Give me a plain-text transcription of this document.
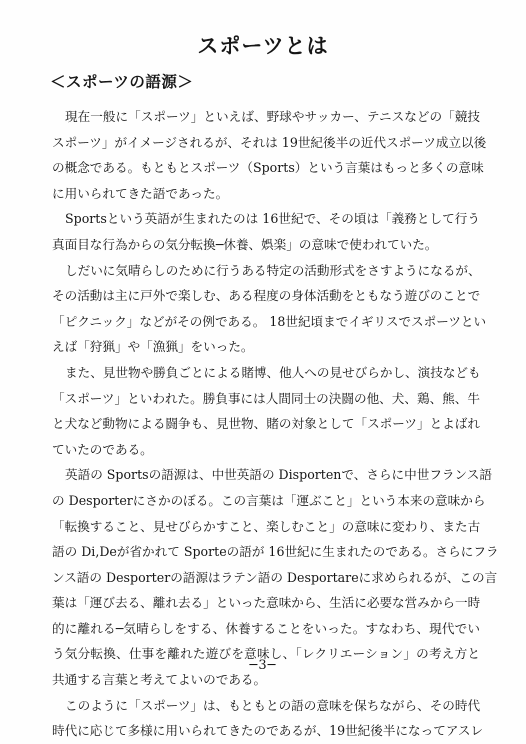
スポーツとは
＜スポーツの語源＞
現在一般に「スポーツ」といえば、野球やサッカー、テニスなどの「競技
スポーツ」がイメージされるが、それは 19世紀後半の近代スポーツ成立以後
の概念である。もともとスポーツ（Sports）という言葉はもっと多くの意味
に用いられてきた語であった。
Sportsという英語が生まれたのは 16世紀で、その頃は「義務として行う
真面目な行為からの気分転換─休養、娯楽」の意味で使われていた。
しだいに気晴らしのために行うある特定の活動形式をさすようになるが、
その活動は主に戸外で楽しむ、ある程度の身体活動をともなう遊びのことで
「ピクニック」などがその例である。 18世紀頃までイギリスでスポーツとい
えば「狩猟」や「漁猟」をいった。
また、見世物や勝負ごとによる賭博、他人への見せびらかし、演技なども
「スポーツ」といわれた。勝負事には人間同士の決闘の他、犬、鶏、熊、牛
と犬など動物による闘争も、見世物、賭の対象として「スポーツ」とよばれ
ていたのである。
英語の Sportsの語源は、中世英語の Disportenで、さらに中世フランス語
の Desporterにさかのぼる。この言葉は「運ぶこと」という本来の意味から
「転換すること、見せびらかすこと、楽しむこと」の意味に変わり、また古
語の Di,Deが省かれて Sporteの語が 16世紀に生まれたのである。さらにフラ
ンス語の Desporterの語源はラテン語の Desportareに求められるが、この言
葉は「運び去る、離れ去る」といった意味から、生活に必要な営みから一時
的に離れる─気晴らしをする、休養することをいった。すなわち、現代でい
う気分転換、仕事を離れた遊びを意味し、「レクリエーション」の考え方と
共通する言葉と考えてよいのである。
このように「スポーツ」は、もともとの語の意味を保ちながら、その時代
時代に応じて多様に用いられてきたのであるが、19世紀後半になってアスレ
─3─
